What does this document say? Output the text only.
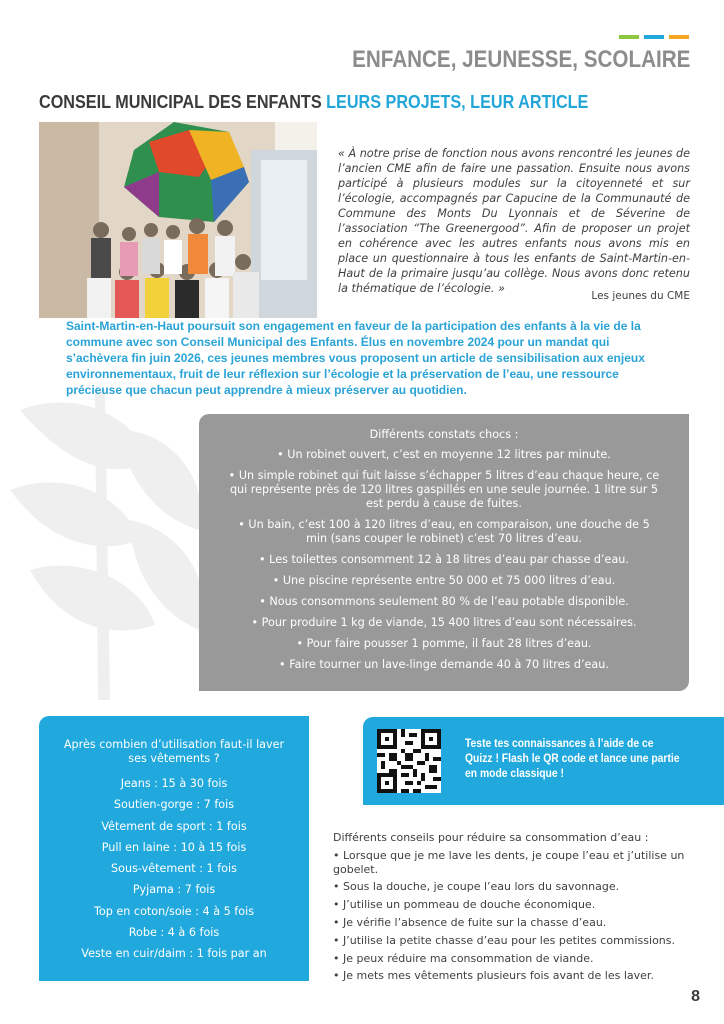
ENFANCE, JEUNESSE, SCOLAIRE
CONSEIL MUNICIPAL DES ENFANTS LEURS PROJETS, LEUR ARTICLE
« À notre prise de fonction nous avons rencontré les jeunes de l’ancien CME afin de faire une passation. Ensuite nous avons participé à plusieurs modules sur la citoyenneté et sur l’écologie, accompagnés par Capucine de la Communauté de Commune des Monts Du Lyonnais et de Séverine de l’association “The Greenergood”. Afin de proposer un projet en cohérence avec les autres enfants nous avons mis en place un questionnaire à tous les enfants de Saint-Martin-en-Haut de la primaire jusqu’au collège. Nous avons donc retenu la thématique de l’écologie. »
Les jeunes du CME
Saint-Martin-en-Haut poursuit son engagement en faveur de la participation des enfants à la vie de la commune avec son Conseil Municipal des Enfants. Élus en novembre 2024 pour un mandat qui s’achèvera fin juin 2026, ces jeunes membres vous proposent un article de sensibilisation aux enjeux environnementaux, fruit de leur réflexion sur l’écologie et la préservation de l’eau, une ressource précieuse que chacun peut apprendre à mieux préserver au quotidien.
Différents constats chocs :
• Un robinet ouvert, c’est en moyenne 12 litres par minute.
• Un simple robinet qui fuit laisse s’échapper 5 litres d’eau chaque heure, ce qui représente près de 120 litres gaspillés en une seule journée. 1 litre sur 5 est perdu à cause de fuites.
• Un bain, c’est 100 à 120 litres d’eau, en comparaison, une douche de 5 min (sans couper le robinet) c’est 70 litres d’eau.
• Les toilettes consomment 12 à 18 litres d’eau par chasse d’eau.
• Une piscine représente entre 50 000 et 75 000 litres d’eau.
• Nous consommons seulement 80 % de l’eau potable disponible.
• Pour produire 1 kg de viande, 15 400 litres d’eau sont nécessaires.
• Pour faire pousser 1 pomme, il faut 28 litres d’eau.
• Faire tourner un lave-linge demande 40 à 70 litres d’eau.
Après combien d’utilisation faut-il laver ses vêtements ?
Jeans : 15 à 30 fois
Soutien-gorge : 7 fois
Vêtement de sport : 1 fois
Pull en laine : 10 à 15 fois
Sous-vêtement : 1 fois
Pyjama : 7 fois
Top en coton/soie : 4 à 5 fois
Robe : 4 à 6 fois
Veste en cuir/daim : 1 fois par an
Teste tes connaissances à l’aide de ce Quizz ! Flash le QR code et lance une partie en mode classique !
Différents conseils pour réduire sa consommation d’eau :
• Lorsque que je me lave les dents, je coupe l’eau et j’utilise un gobelet.
• Sous la douche, je coupe l’eau lors du savonnage.
• J’utilise un pommeau de douche économique.
• Je vérifie l’absence de fuite sur la chasse d’eau.
• J’utilise la petite chasse d’eau pour les petites commissions.
• Je peux réduire ma consommation de viande.
• Je mets mes vêtements plusieurs fois avant de les laver.
8
